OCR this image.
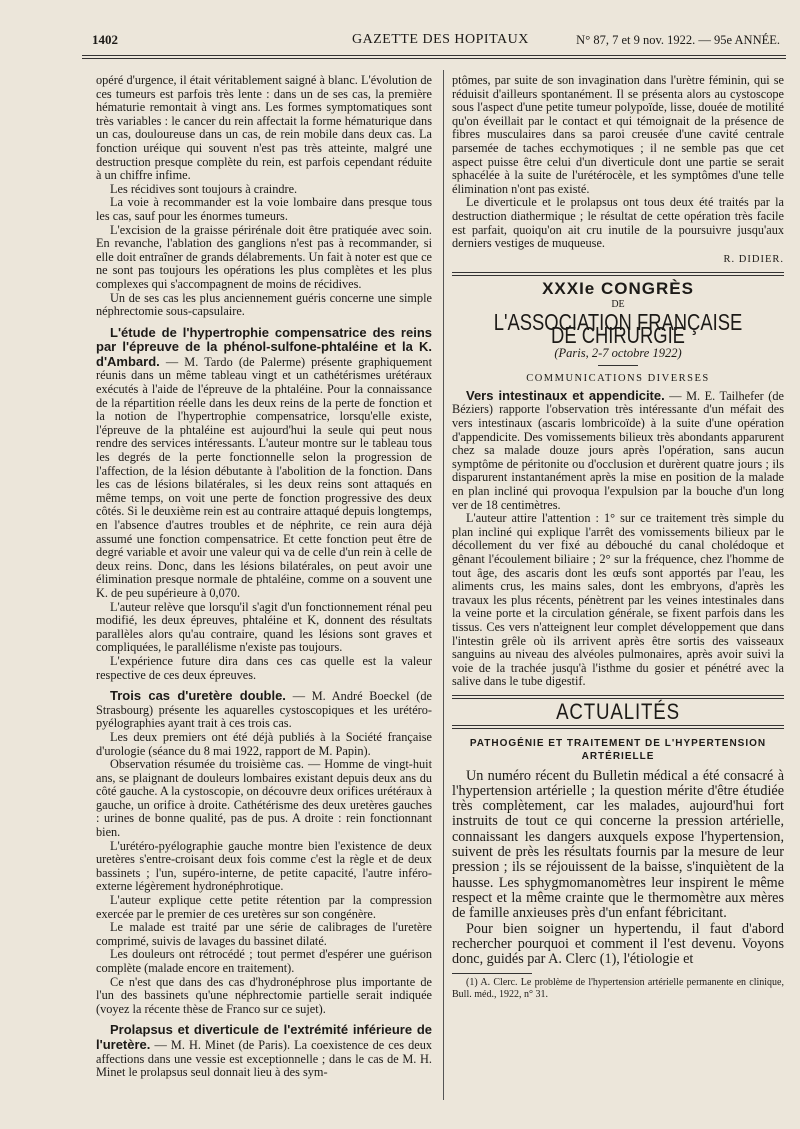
1402	GAZETTE DES HOPITAUX	N° 87, 7 et 9 nov. 1922. — 95e ANNÉE.

opéré d'urgence, il était véritablement saigné à blanc. L'évolution de ces tumeurs est parfois très lente : dans un de ses cas, la première hématurie remontait à vingt ans. Les formes symptomatiques sont très variables : le cancer du rein affectait la forme hématurique dans un cas, douloureuse dans un cas, de rein mobile dans deux cas. La fonction uréique qui souvent n'est pas très atteinte, malgré une destruction presque complète du rein, est parfois cependant réduite à un chiffre infime.

Les récidives sont toujours à craindre.

La voie à recommander est la voie lombaire dans presque tous les cas, sauf pour les énormes tumeurs.

L'excision de la graisse périrénale doit être pratiquée avec soin. En revanche, l'ablation des ganglions n'est pas à recommander, si elle doit entraîner de grands délabrements. Un fait à noter est que ce ne sont pas toujours les opérations les plus complètes et les plus complexes qui s'accompagnent de moins de récidives.

Un de ses cas les plus anciennement guéris concerne une simple néphrectomie sous-capsulaire.

L'étude de l'hypertrophie compensatrice des reins par l'épreuve de la phénol-sulfone-phtaléine et la K. d'Ambard. — M. Tardo (de Palerme) présente graphiquement réunis dans un même tableau vingt et un cathétérismes urétéraux exécutés à l'aide de l'épreuve de la phtaléine. Pour la connaissance de la répartition réelle dans les deux reins de la perte de fonction et la notion de l'hypertrophie compensatrice, lorsqu'elle existe, l'épreuve de la phtaléine est aujourd'hui la seule qui peut nous rendre des services intéressants. L'auteur montre sur le tableau tous les degrés de la perte fonctionnelle selon la progression de l'affection, de la lésion débutante à l'abolition de la fonction. Dans les cas de lésions bilatérales, si les deux reins sont attaqués en même temps, on voit une perte de fonction progressive des deux côtés. Si le deuxième rein est au contraire attaqué depuis longtemps, en l'absence d'autres troubles et de néphrite, ce rein aura déjà assumé une fonction compensatrice. Et cette fonction peut être de degré variable et avoir une valeur qui va de celle d'un rein à celle de deux reins. Donc, dans les lésions bilatérales, on peut avoir une élimination presque normale de phtaléine, comme on a souvent une K. de peu supérieure à 0,070.

L'auteur relève que lorsqu'il s'agit d'un fonctionnement rénal peu modifié, les deux épreuves, phtaléine et K, donnent des résultats parallèles alors qu'au contraire, quand les lésions sont graves et compliquées, le parallélisme n'existe pas toujours.

L'expérience future dira dans ces cas quelle est la valeur respective de ces deux épreuves.

Trois cas d'uretère double. — M. André Boeckel (de Strasbourg) présente les aquarelles cystoscopiques et les urétéro-pyélographies ayant trait à ces trois cas.

Les deux premiers ont été déjà publiés à la Société française d'urologie (séance du 8 mai 1922, rapport de M. Papin).

Observation résumée du troisième cas. — Homme de vingt-huit ans, se plaignant de douleurs lombaires existant depuis deux ans du côté gauche. A la cystoscopie, on découvre deux orifices urétéraux à gauche, un orifice à droite. Cathétérisme des deux uretères gauches : urines de bonne qualité, pas de pus. A droite : rein fonctionnant bien.

L'urétéro-pyélographie gauche montre bien l'existence de deux uretères s'entre-croisant deux fois comme c'est la règle et de deux bassinets ; l'un, supéro-interne, de petite capacité, l'autre inféro-externe légèrement hydronéphrotique.

L'auteur explique cette petite rétention par la compression exercée par le premier de ces uretères sur son congénère.

Le malade est traité par une série de calibrages de l'uretère comprimé, suivis de lavages du bassinet dilaté.

Les douleurs ont rétrocédé ; tout permet d'espérer une guérison complète (malade encore en traitement).

Ce n'est que dans des cas d'hydronéphrose plus importante de l'un des bassinets qu'une néphrectomie partielle serait indiquée (voyez la récente thèse de Franco sur ce sujet).

Prolapsus et diverticule de l'extrémité inférieure de l'uretère. — M. H. Minet (de Paris). La coexistence de ces deux affections dans une vessie est exceptionnelle ; dans le cas de M. H. Minet le prolapsus seul donnait lieu à des sym-

ptômes, par suite de son invagination dans l'urètre féminin, qui se réduisit d'ailleurs spontanément. Il se présenta alors au cystoscope sous l'aspect d'une petite tumeur polypoïde, lisse, douée de motilité qu'on éveillait par le contact et qui témoignait de la présence de fibres musculaires dans sa paroi creusée d'une cavité centrale parsemée de taches ecchymotiques ; il ne semble pas que cet aspect puisse être celui d'un diverticule dont une partie se serait sphacélée à la suite de l'urétérocèle, et les symptômes d'une telle élimination n'ont pas existé.

Le diverticule et le prolapsus ont tous deux été traités par la destruction diathermique ; le résultat de cette opération très facile est parfait, quoiqu'on ait cru inutile de la poursuivre jusqu'aux derniers vestiges de muqueuse.

R. DIDIER.
XXXIe CONGRÈS
DE
L'ASSOCIATION FRANÇAISE DE CHIRURGIE
(Paris, 2-7 octobre 1922)
COMMUNICATIONS DIVERSES

Vers intestinaux et appendicite. — M. E. Tailhefer (de Béziers) rapporte l'observation très intéressante d'un méfait des vers intestinaux (ascaris lombricoïde) à la suite d'une opération d'appendicite. Des vomissements bilieux très abondants apparurent chez sa malade douze jours après l'opération, sans aucun symptôme de péritonite ou d'occlusion et durèrent quatre jours ; ils disparurent instantanément après la mise en position de la malade en plan incliné qui provoqua l'expulsion par la bouche d'un long ver de 18 centimètres.

L'auteur attire l'attention : 1° sur ce traitement très simple du plan incliné qui explique l'arrêt des vomissements bilieux par le décollement du ver fixé au débouché du canal cholédoque et gênant l'écoulement biliaire ; 2° sur la fréquence, chez l'homme de tout âge, des ascaris dont les œufs sont apportés par l'eau, les aliments crus, les mains sales, dont les embryons, d'après les travaux les plus récents, pénètrent par les veines intestinales dans la veine porte et la circulation générale, se fixent parfois dans les tissus. Ces vers n'atteignent leur complet développement que dans l'intestin grêle où ils arrivent après être sortis des vaisseaux sanguins au niveau des alvéoles pulmonaires, après avoir suivi la voie de la trachée jusqu'à l'isthme du gosier et pénétré avec la salive dans le tube digestif.

ACTUALITÉS
PATHOGÉNIE ET TRAITEMENT DE L'HYPERTENSION ARTÉRIELLE

Un numéro récent du Bulletin médical a été consacré à l'hypertension artérielle ; la question mérite d'être étudiée très complètement, car les malades, aujourd'hui fort instruits de tout ce qui concerne la pression artérielle, connaissant les dangers auxquels expose l'hypertension, suivent de près les résultats fournis par la mesure de leur pression ; ils se réjouissent de la baisse, s'inquiètent de la hausse. Les sphygmomanomètres leur inspirent le même respect et la même crainte que le thermomètre aux mères de famille anxieuses près d'un enfant fébricitant.

Pour bien soigner un hypertendu, il faut d'abord rechercher pourquoi et comment il l'est devenu. Voyons donc, guidés par A. Clerc (1), l'étiologie et

(1) A. Clerc. Le problème de l'hypertension artérielle permanente en clinique, Bull. méd., 1922, n° 31.
